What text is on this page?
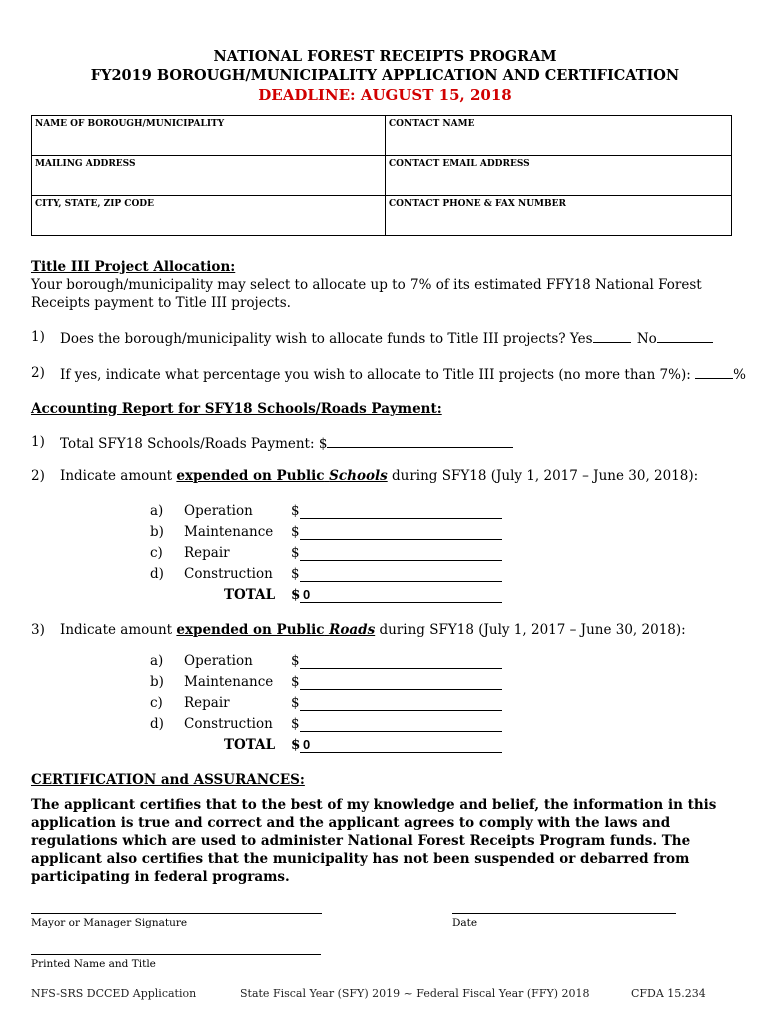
NATIONAL FOREST RECEIPTS PROGRAM
FY2019 BOROUGH/MUNICIPALITY APPLICATION AND CERTIFICATION
DEADLINE: AUGUST 15, 2018
NAME OF BOROUGH/MUNICIPALITY	CONTACT NAME

MAILING ADDRESS	CONTACT EMAIL ADDRESS

CITY, STATE, ZIP CODE	CONTACT PHONE & FAX NUMBER
Title III Project Allocation:
Your borough/municipality may select to allocate up to 7% of its estimated FFY18 National Forest Receipts payment to Title III projects.
1) Does the borough/municipality wish to allocate funds to Title III projects? Yes	No
2) If yes, indicate what percentage you wish to allocate to Title III projects (no more than 7%):	%
Accounting Report for SFY18 Schools/Roads Payment:
1) Total SFY18 Schools/Roads Payment: $
2) Indicate amount expended on Public Schools during SFY18 (July 1, 2017 – June 30, 2018):
a)	Operation	$
b)	Maintenance $
c)	Repair	$
d)	Construction $
TOTAL $ 0
3) Indicate amount expended on Public Roads during SFY18 (July 1, 2017 – June 30, 2018):
a)	Operation	$
b)	Maintenance $
c)	Repair	$
d)	Construction $
TOTAL $ 0
CERTIFICATION and ASSURANCES:
The applicant certifies that to the best of my knowledge and belief, the information in this application is true and correct and the applicant agrees to comply with the laws and regulations which are used to administer National Forest Receipts Program funds. The applicant also certifies that the municipality has not been suspended or debarred from participating in federal programs.
Mayor or Manager Signature	Date
Printed Name and Title
NFS-SRS DCCED Application	State Fiscal Year (SFY) 2019 ~ Federal Fiscal Year (FFY) 2018	CFDA 15.234
